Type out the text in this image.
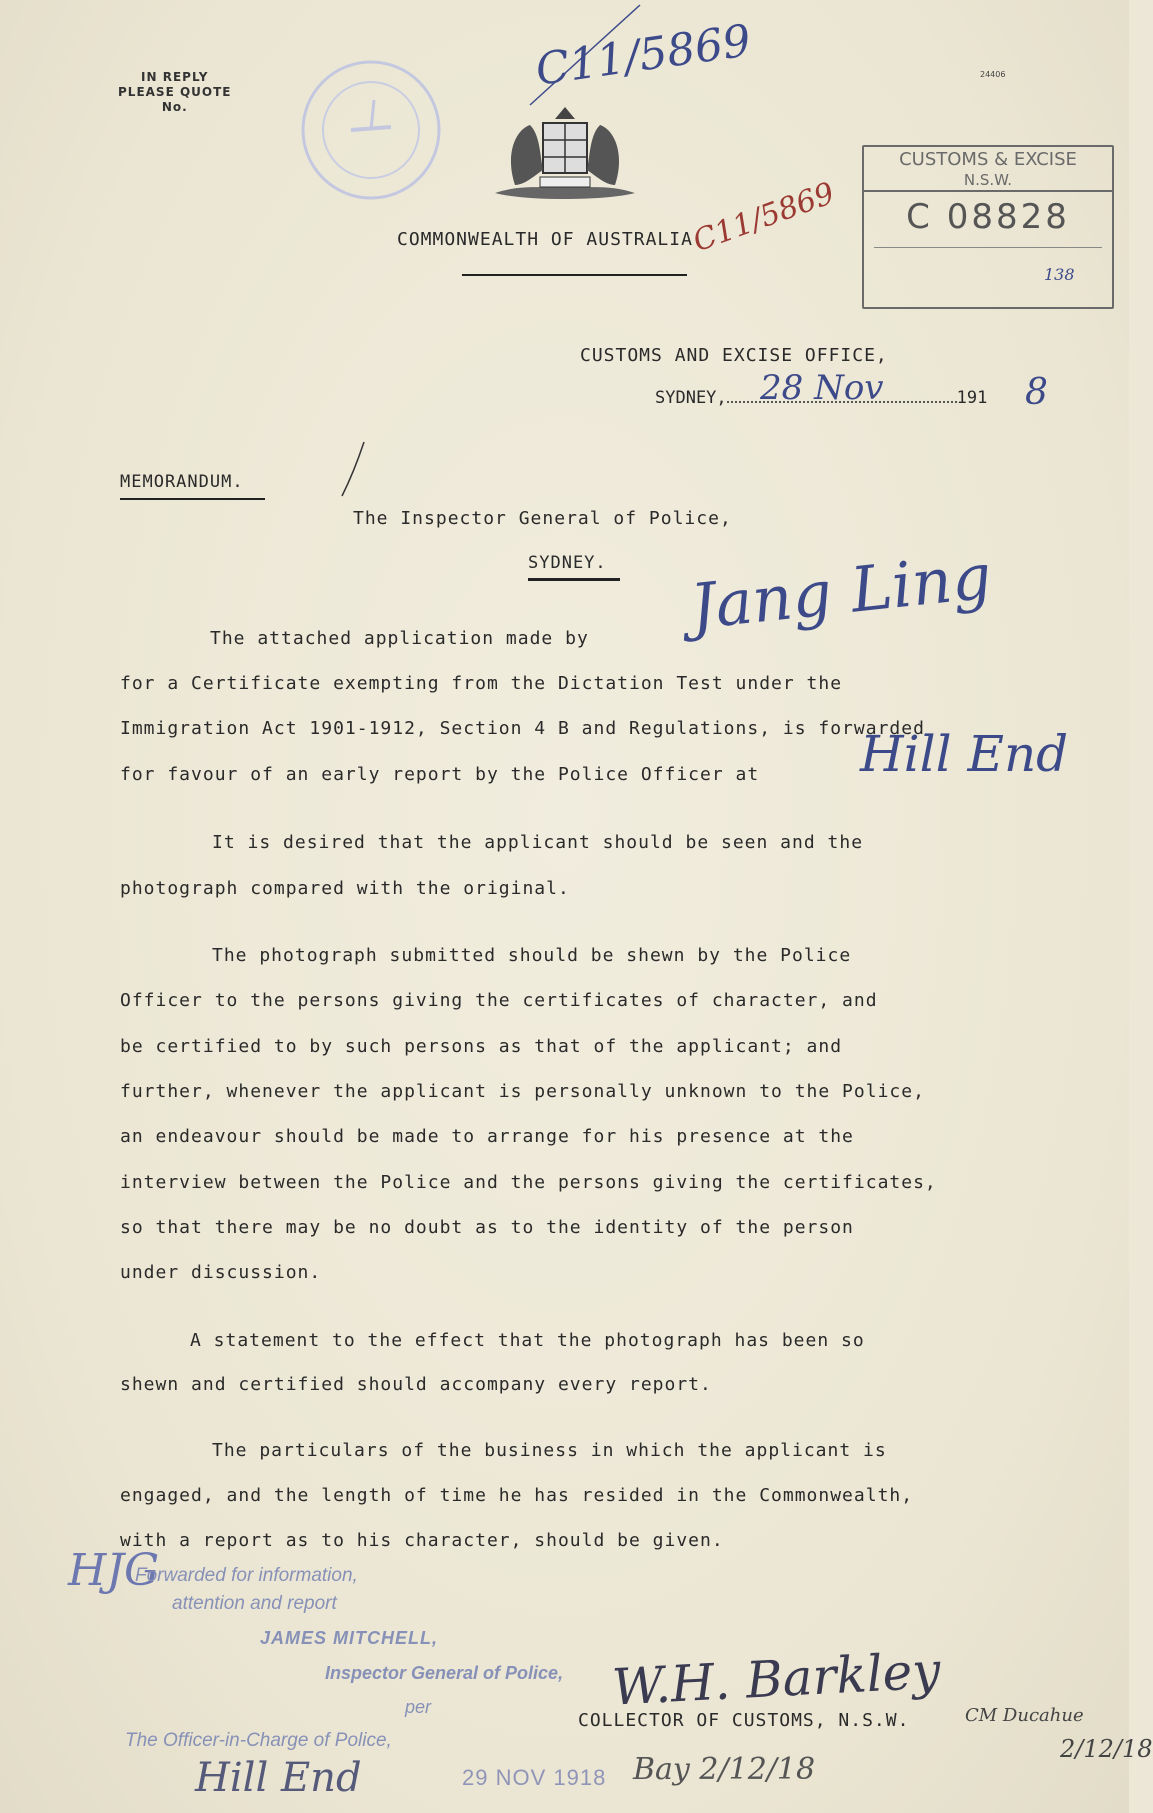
IN REPLY
PLEASE QUOTE
No.
24406
C11/5869
COMMONWEALTH OF AUSTRALIA.
C11/5869
CUSTOMS & EXCISE
N.S.W.
C 08828
138
CUSTOMS AND EXCISE OFFICE,
SYDNEY,	191
28 Nov	8
MEMORANDUM.
The Inspector General of Police,
SYDNEY. Jang Ling
The attached application made by
for a Certificate exempting from the Dictation Test under the
Immigration Act 1901-1912, Section 4 B and Regulations, is forwarded
for favour of an early report by the Police Officer at Hill End
It is desired that the applicant should be seen and the
photograph compared with the original.
The photograph submitted should be shewn by the Police
Officer to the persons giving the certificates of character, and
be certified to by such persons as that of the applicant; and
further, whenever the applicant is personally unknown to the Police,
an endeavour should be made to arrange for his presence at the
interview between the Police and the persons giving the certificates,
so that there may be no doubt as to the identity of the person
under discussion.
A statement to the effect that the photograph has been so
shewn and certified should accompany every report.
The particulars of the business in which the applicant is
engaged, and the length of time he has resided in the Commonwealth,
with a report as to his character, should be given.
HJG
Forwarded for information,
attention and report
JAMES MITCHELL,
Inspector General of Police,
per
The Officer-in-Charge of Police,
Hill End	29 NOV 1918
W.H. Barkley
COLLECTOR OF CUSTOMS, N.S.W.
Bay 2/12/18
CM Ducahue
2/12/18
